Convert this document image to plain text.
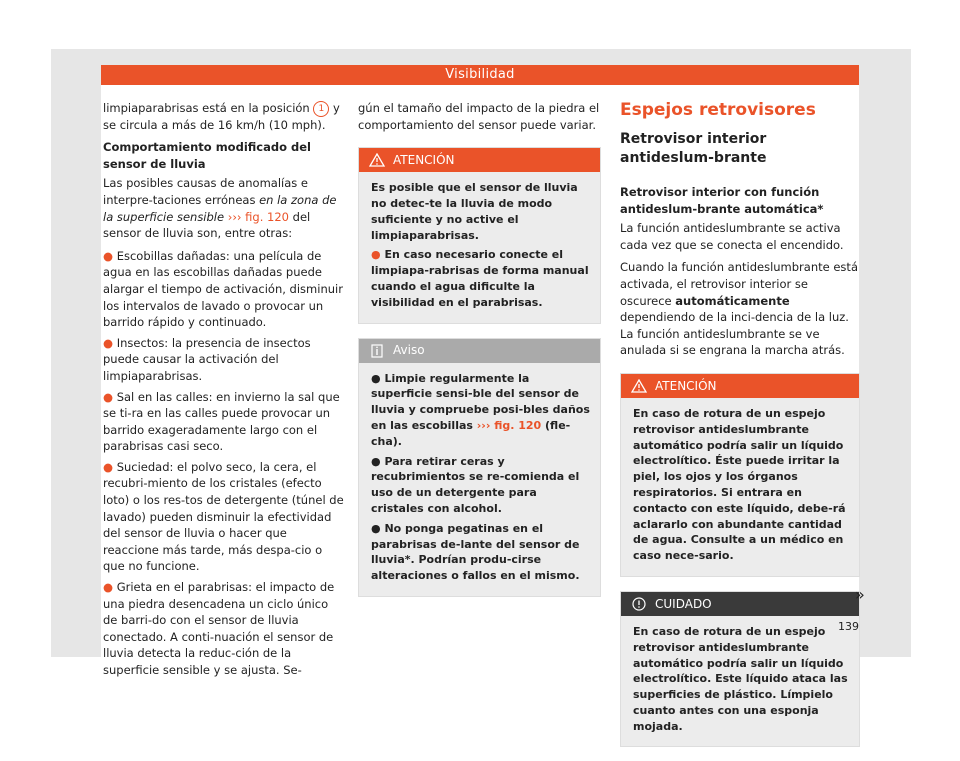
Visibilidad

limpiaparabrisas está en la posición 1 y se circula a más de 16 km/h (10 mph).

Comportamiento modificado del sensor de lluvia

Las posibles causas de anomalías e interpre-taciones erróneas en la zona de la superficie sensible ››› fig. 120 del sensor de lluvia son, entre otras:

● Escobillas dañadas: una película de agua en las escobillas dañadas puede alargar el tiempo de activación, disminuir los intervalos de lavado o provocar un barrido rápido y continuado.

● Insectos: la presencia de insectos puede causar la activación del limpiaparabrisas.

● Sal en las calles: en invierno la sal que se ti-ra en las calles puede provocar un barrido exageradamente largo con el parabrisas casi seco.

● Suciedad: el polvo seco, la cera, el recubri-miento de los cristales (efecto loto) o los res-tos de detergente (túnel de lavado) pueden disminuir la efectividad del sensor de lluvia o hacer que reaccione más tarde, más despa-cio o que no funcione.

● Grieta en el parabrisas: el impacto de una piedra desencadena un ciclo único de barri-do con el sensor de lluvia conectado. A conti-nuación el sensor de lluvia detecta la reduc-ción de la superficie sensible y se ajusta. Se-

gún el tamaño del impacto de la piedra el comportamiento del sensor puede variar.

ATENCIÓN

Es posible que el sensor de lluvia no detec-te la lluvia de modo suficiente y no active el limpiaparabrisas.

● En caso necesario conecte el limpiapa-rabrisas de forma manual cuando el agua dificulte la visibilidad en el parabrisas.

Aviso

● Limpie regularmente la superficie sensi-ble del sensor de lluvia y compruebe posi-bles daños en las escobillas ››› fig. 120 (fle-cha).

● Para retirar ceras y recubrimientos se re-comienda el uso de un detergente para cristales con alcohol.

● No ponga pegatinas en el parabrisas de-lante del sensor de lluvia*. Podrían produ-cirse alteraciones o fallos en el mismo.

Espejos retrovisores
Retrovisor interior antideslum-brante

Retrovisor interior con función antideslum-brante automática*

La función antideslumbrante se activa cada vez que se conecta el encendido.

Cuando la función antideslumbrante está activada, el retrovisor interior se oscurece automáticamente dependiendo de la inci-dencia de la luz. La función antideslumbrante se ve anulada si se engrana la marcha atrás.

ATENCIÓN

En caso de rotura de un espejo retrovisor antideslumbrante automático podría salir un líquido electrolítico. Éste puede irritar la piel, los ojos y los órganos respiratorios. Si entrara en contacto con este líquido, debe-rá aclararlo con abundante cantidad de agua. Consulte a un médico en caso nece-sario.

CUIDADO

En caso de rotura de un espejo retrovisor antideslumbrante automático podría salir un líquido electrolítico. Este líquido ataca las superficies de plástico. Límpielo cuanto antes con una esponja mojada.

»
139
